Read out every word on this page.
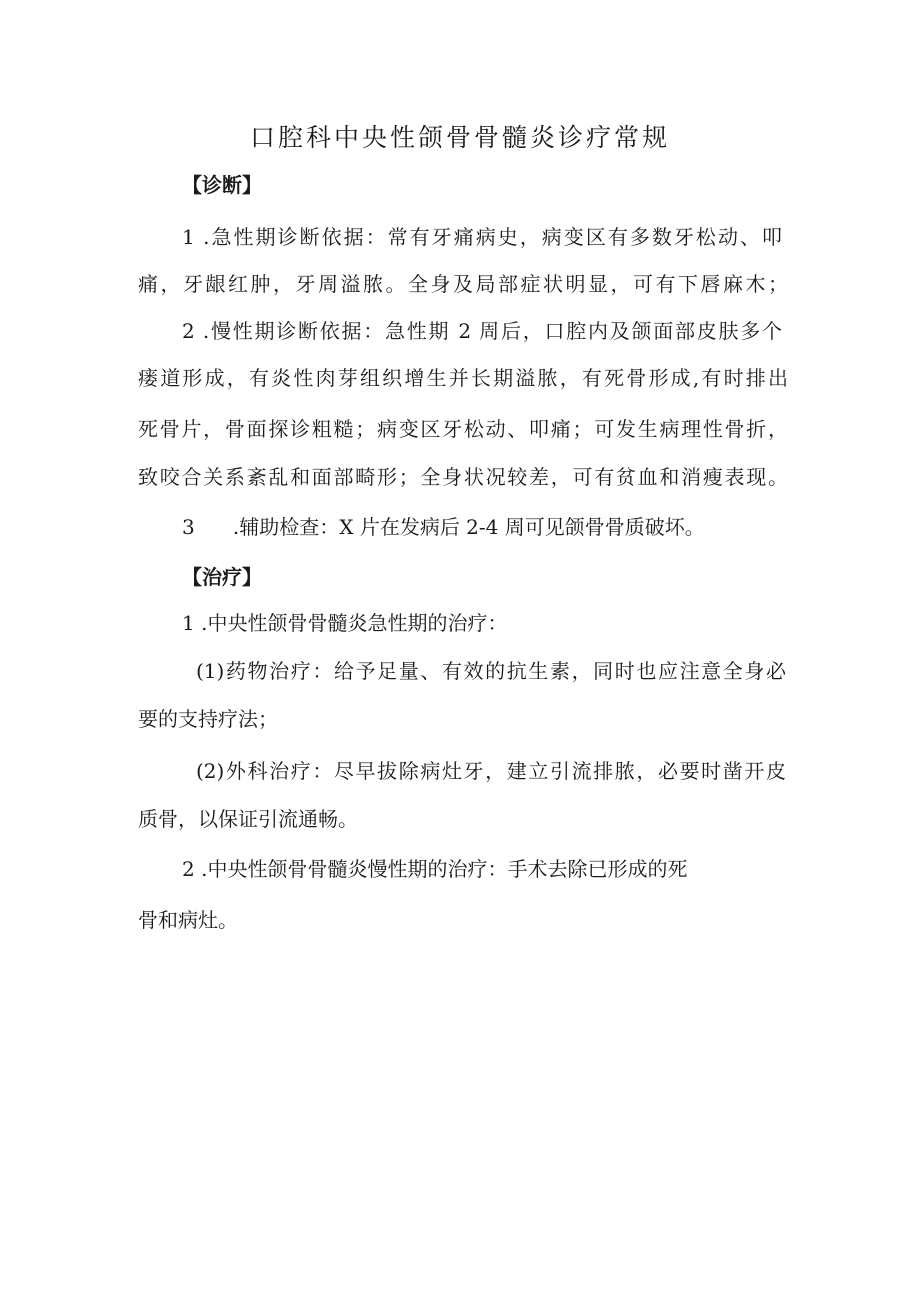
口腔科中央性颌骨骨髓炎诊疗常规
【诊断】
1 .急性期诊断依据：常有牙痛病史，病变区有多数牙松动、叩
痛，牙龈红肿，牙周溢脓。全身及局部症状明显，可有下唇麻木；
2 .慢性期诊断依据：急性期 2 周后，口腔内及颌面部皮肤多个
瘘道形成，有炎性肉芽组织增生并长期溢脓，有死骨形成,有时排出
死骨片，骨面探诊粗糙；病变区牙松动、叩痛；可发生病理性骨折，
致咬合关系紊乱和面部畸形；全身状况较差，可有贫血和消瘦表现。
3      .辅助检查：X 片在发病后 2-4 周可见颌骨骨质破坏。
【治疗】
1 .中央性颌骨骨髓炎急性期的治疗：
(1)药物治疗：给予足量、有效的抗生素，同时也应注意全身必
要的支持疗法；
(2)外科治疗：尽早拔除病灶牙，建立引流排脓，必要时凿开皮
质骨，以保证引流通畅。
2 .中央性颌骨骨髓炎慢性期的治疗：手术去除已形成的死
骨和病灶。
